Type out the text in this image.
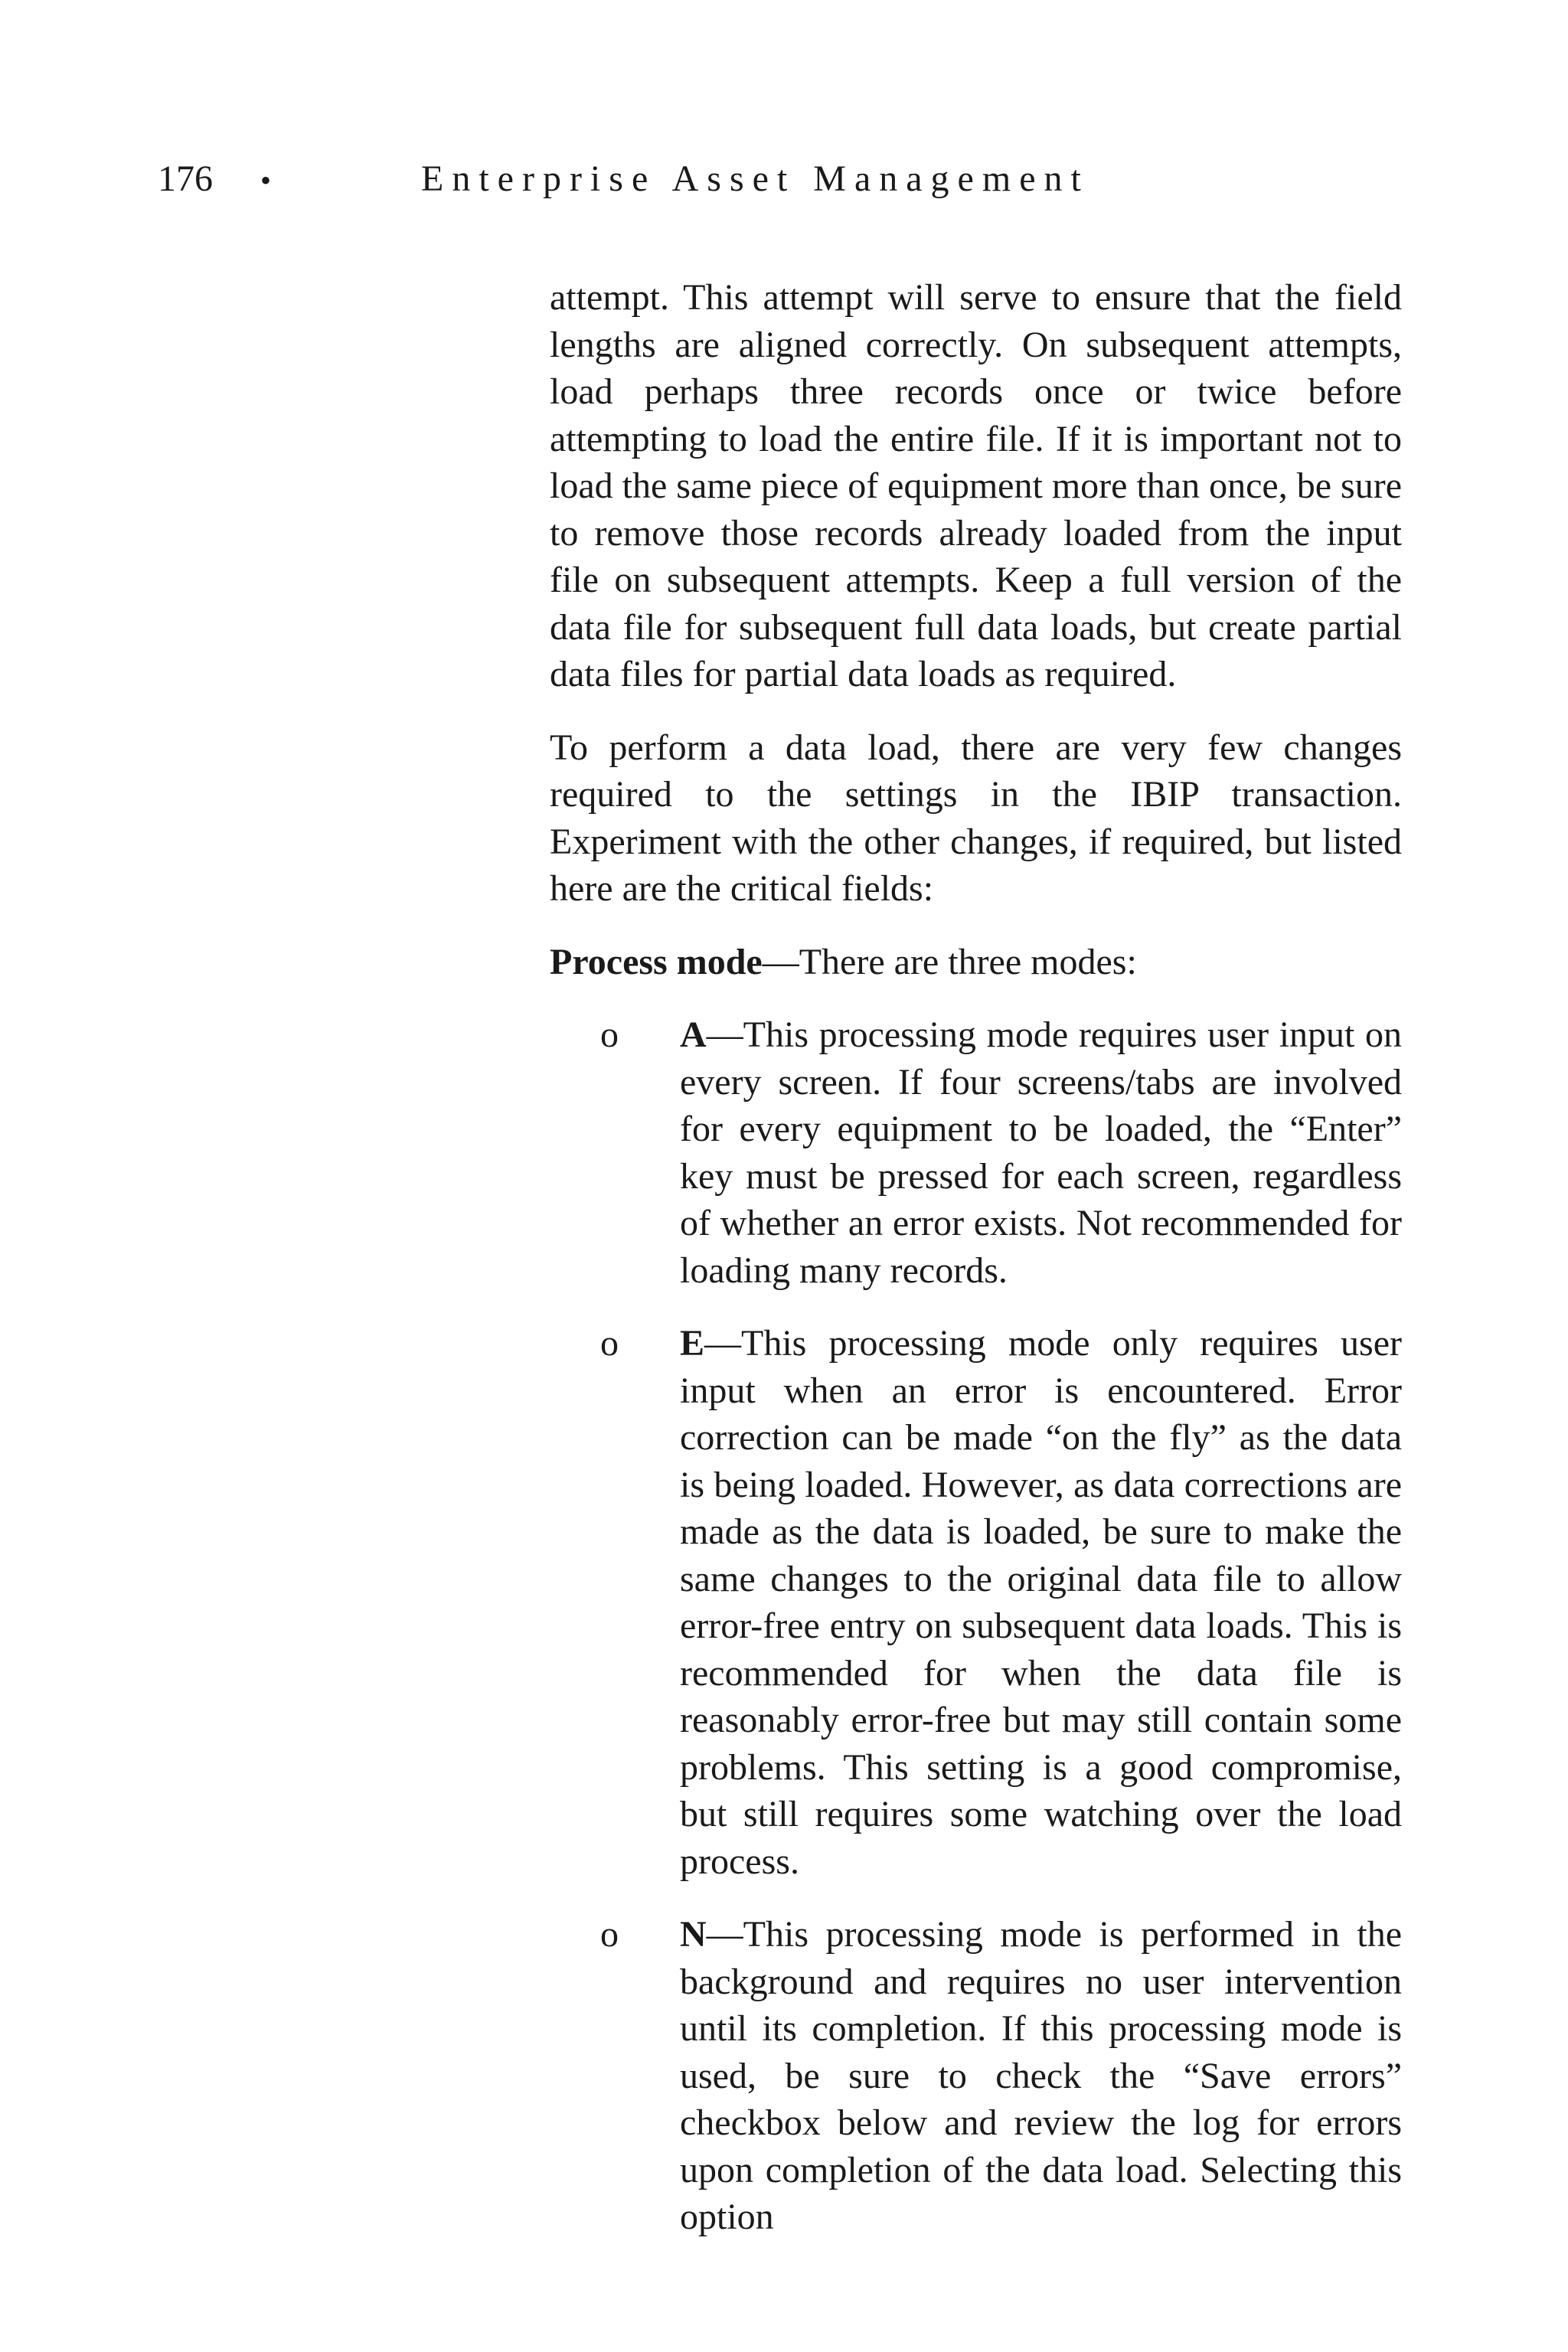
176 •	Enterprise Asset Management

attempt. This attempt will serve to ensure that the field lengths are aligned correctly. On subsequent attempts, load perhaps three records once or twice before attempting to load the entire file. If it is important not to load the same piece of equipment more than once, be sure to remove those records already loaded from the input file on subsequent attempts. Keep a full version of the data file for subsequent full data loads, but create partial data files for partial data loads as required.

To perform a data load, there are very few changes required to the settings in the IBIP transaction. Experiment with the other changes, if required, but listed here are the critical fields:

Process mode—There are three modes:

o A—This processing mode requires user input on every screen. If four screens/tabs are involved for every equipment to be loaded, the “Enter” key must be pressed for each screen, regardless of whether an error exists. Not recommended for loading many records.
o E—This processing mode only requires user input when an error is encountered. Error correction can be made “on the fly” as the data is being loaded. However, as data corrections are made as the data is loaded, be sure to make the same changes to the original data file to allow error-free entry on subsequent data loads. This is recommended for when the data file is reasonably error-free but may still contain some problems. This setting is a good compromise, but still requires some watching over the load process.
o N—This processing mode is performed in the background and requires no user intervention until its completion. If this processing mode is used, be sure to check the “Save errors” checkbox below and review the log for errors upon completion of the data load. Selecting this option
